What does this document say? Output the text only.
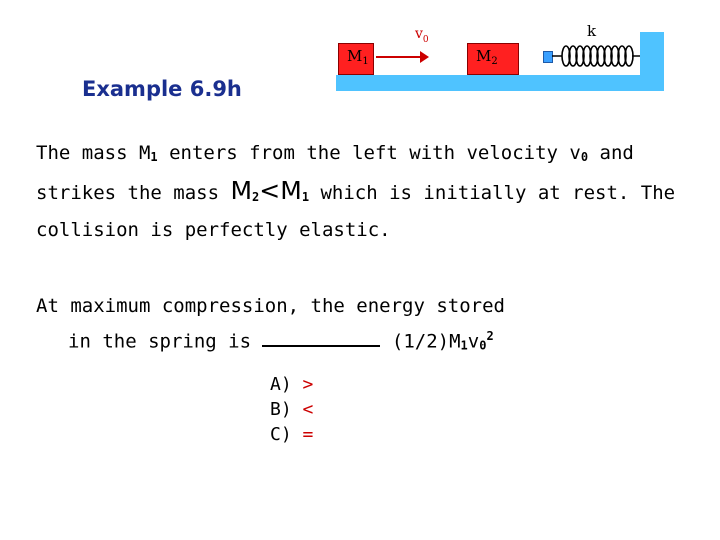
$M_1$	$M_2$
$v_0$	k
Example 6.9h
The mass $M_1$ enters from the left with velocity $v_0$ and strikes the mass $M_2<M_1$ which is initially at rest. The collision is perfectly elastic.
At maximum compression, the energy stored
in the spring is	$(1/2)M_1v_0^2$
A) >
B) <
C) =
